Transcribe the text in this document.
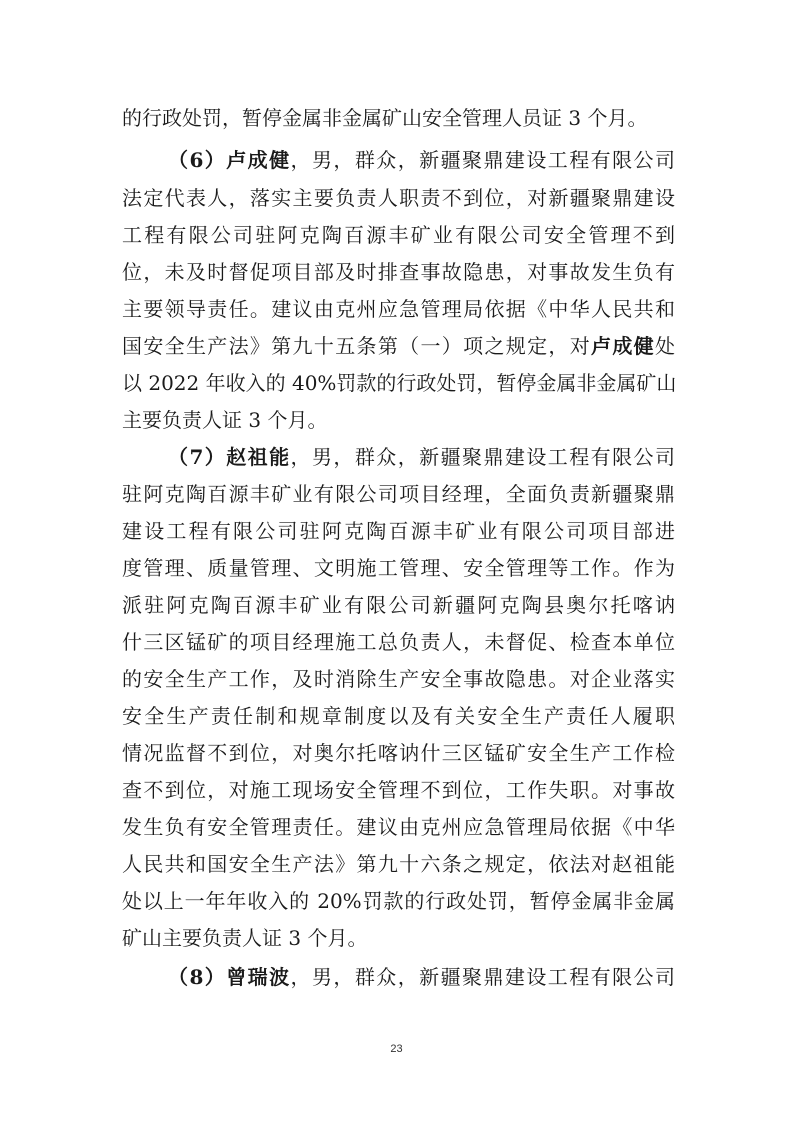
的行政处罚，暂停金属非金属矿山安全管理人员证 3 个月。
（6）卢成健，男，群众，新疆聚鼎建设工程有限公司
法定代表人，落实主要负责人职责不到位，对新疆聚鼎建设
工程有限公司驻阿克陶百源丰矿业有限公司安全管理不到
位，未及时督促项目部及时排查事故隐患，对事故发生负有
主要领导责任。建议由克州应急管理局依据《中华人民共和
国安全生产法》第九十五条第（一）项之规定，对卢成健处
以 2022 年收入的 40%罚款的行政处罚，暂停金属非金属矿山
主要负责人证 3 个月。
（7）赵祖能，男，群众，新疆聚鼎建设工程有限公司
驻阿克陶百源丰矿业有限公司项目经理，全面负责新疆聚鼎
建设工程有限公司驻阿克陶百源丰矿业有限公司项目部进
度管理、质量管理、文明施工管理、安全管理等工作。作为
派驻阿克陶百源丰矿业有限公司新疆阿克陶县奥尔托喀讷
什三区锰矿的项目经理施工总负责人，未督促、检查本单位
的安全生产工作，及时消除生产安全事故隐患。对企业落实
安全生产责任制和规章制度以及有关安全生产责任人履职
情况监督不到位，对奥尔托喀讷什三区锰矿安全生产工作检
查不到位，对施工现场安全管理不到位，工作失职。对事故
发生负有安全管理责任。建议由克州应急管理局依据《中华
人民共和国安全生产法》第九十六条之规定，依法对赵祖能
处以上一年年收入的 20%罚款的行政处罚，暂停金属非金属
矿山主要负责人证 3 个月。
（8）曾瑞波，男，群众，新疆聚鼎建设工程有限公司
23
